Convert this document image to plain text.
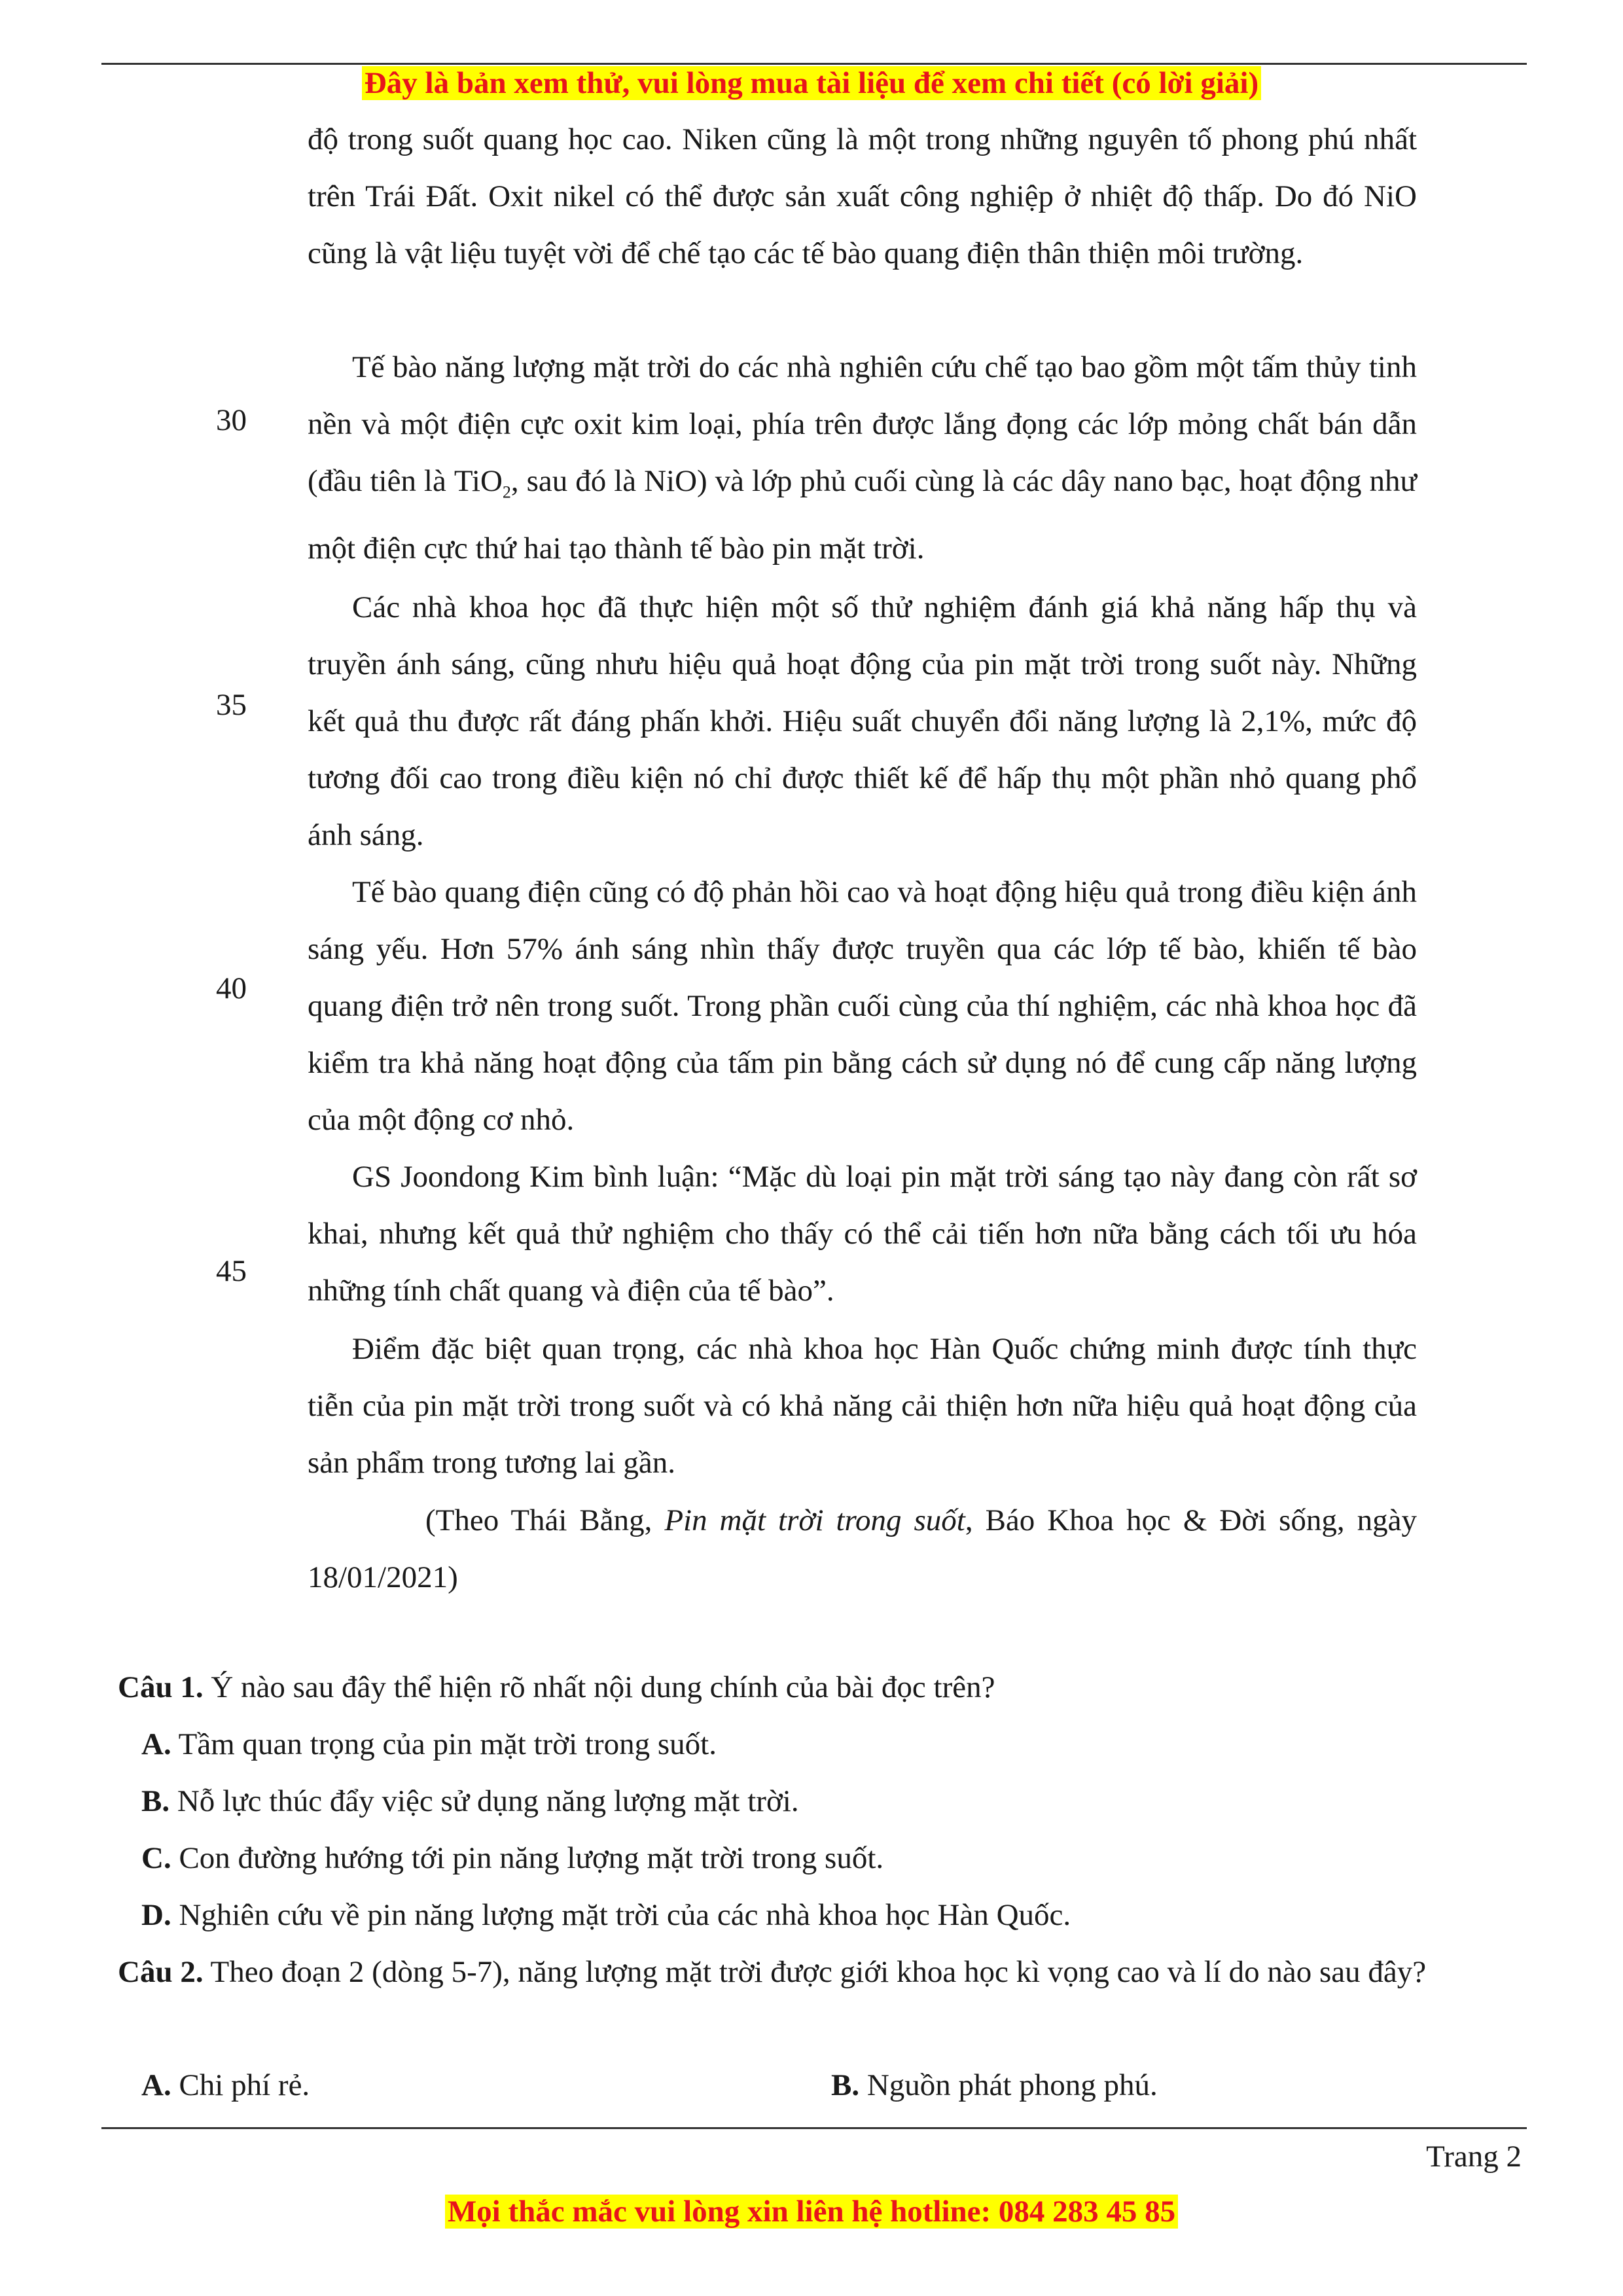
Đây là bản xem thử, vui lòng mua tài liệu để xem chi tiết (có lời giải)

độ trong suốt quang học cao. Niken cũng là một trong những nguyên tố phong phú nhất trên Trái Đất. Oxit nikel có thể được sản xuất công nghiệp ở nhiệt độ thấp. Do đó NiO cũng là vật liệu tuyệt vời để chế tạo các tế bào quang điện thân thiện môi trường.

30

Tế bào năng lượng mặt trời do các nhà nghiên cứu chế tạo bao gồm một tấm thủy tinh nền và một điện cực oxit kim loại, phía trên được lắng đọng các lớp mỏng chất bán dẫn (đầu tiên là TiO$_2$, sau đó là NiO) và lớp phủ cuối cùng là các dây nano bạc, hoạt động như một điện cực thứ hai tạo thành tế bào pin mặt trời.

35

Các nhà khoa học đã thực hiện một số thử nghiệm đánh giá khả năng hấp thụ và truyền ánh sáng, cũng nhưu hiệu quả hoạt động của pin mặt trời trong suốt này. Những kết quả thu được rất đáng phấn khởi. Hiệu suất chuyển đổi năng lượng là 2,1%, mức độ tương đối cao trong điều kiện nó chỉ được thiết kế để hấp thụ một phần nhỏ quang phổ ánh sáng.

40

Tế bào quang điện cũng có độ phản hồi cao và hoạt động hiệu quả trong điều kiện ánh sáng yếu. Hơn 57% ánh sáng nhìn thấy được truyền qua các lớp tế bào, khiến tế bào quang điện trở nên trong suốt. Trong phần cuối cùng của thí nghiệm, các nhà khoa học đã kiểm tra khả năng hoạt động của tấm pin bằng cách sử dụng nó để cung cấp năng lượng của một động cơ nhỏ.

45

GS Joondong Kim bình luận: “Mặc dù loại pin mặt trời sáng tạo này đang còn rất sơ khai, nhưng kết quả thử nghiệm cho thấy có thể cải tiến hơn nữa bằng cách tối ưu hóa những tính chất quang và điện của tế bào”.

Điểm đặc biệt quan trọng, các nhà khoa học Hàn Quốc chứng minh được tính thực tiễn của pin mặt trời trong suốt và có khả năng cải thiện hơn nữa hiệu quả hoạt động của sản phẩm trong tương lai gần.

(Theo Thái Bằng, Pin mặt trời trong suốt, Báo Khoa học & Đời sống, ngày 18/01/2021)

Câu 1. Ý nào sau đây thể hiện rõ nhất nội dung chính của bài đọc trên?

A. Tầm quan trọng của pin mặt trời trong suốt.

B. Nỗ lực thúc đẩy việc sử dụng năng lượng mặt trời.

C. Con đường hướng tới pin năng lượng mặt trời trong suốt.

D. Nghiên cứu về pin năng lượng mặt trời của các nhà khoa học Hàn Quốc.

Câu 2. Theo đoạn 2 (dòng 5-7), năng lượng mặt trời được giới khoa học kì vọng cao và lí do nào sau đây?

A. Chi phí rẻ.	B. Nguồn phát phong phú.

Trang 2
Mọi thắc mắc vui lòng xin liên hệ hotline: 084 283 45 85
